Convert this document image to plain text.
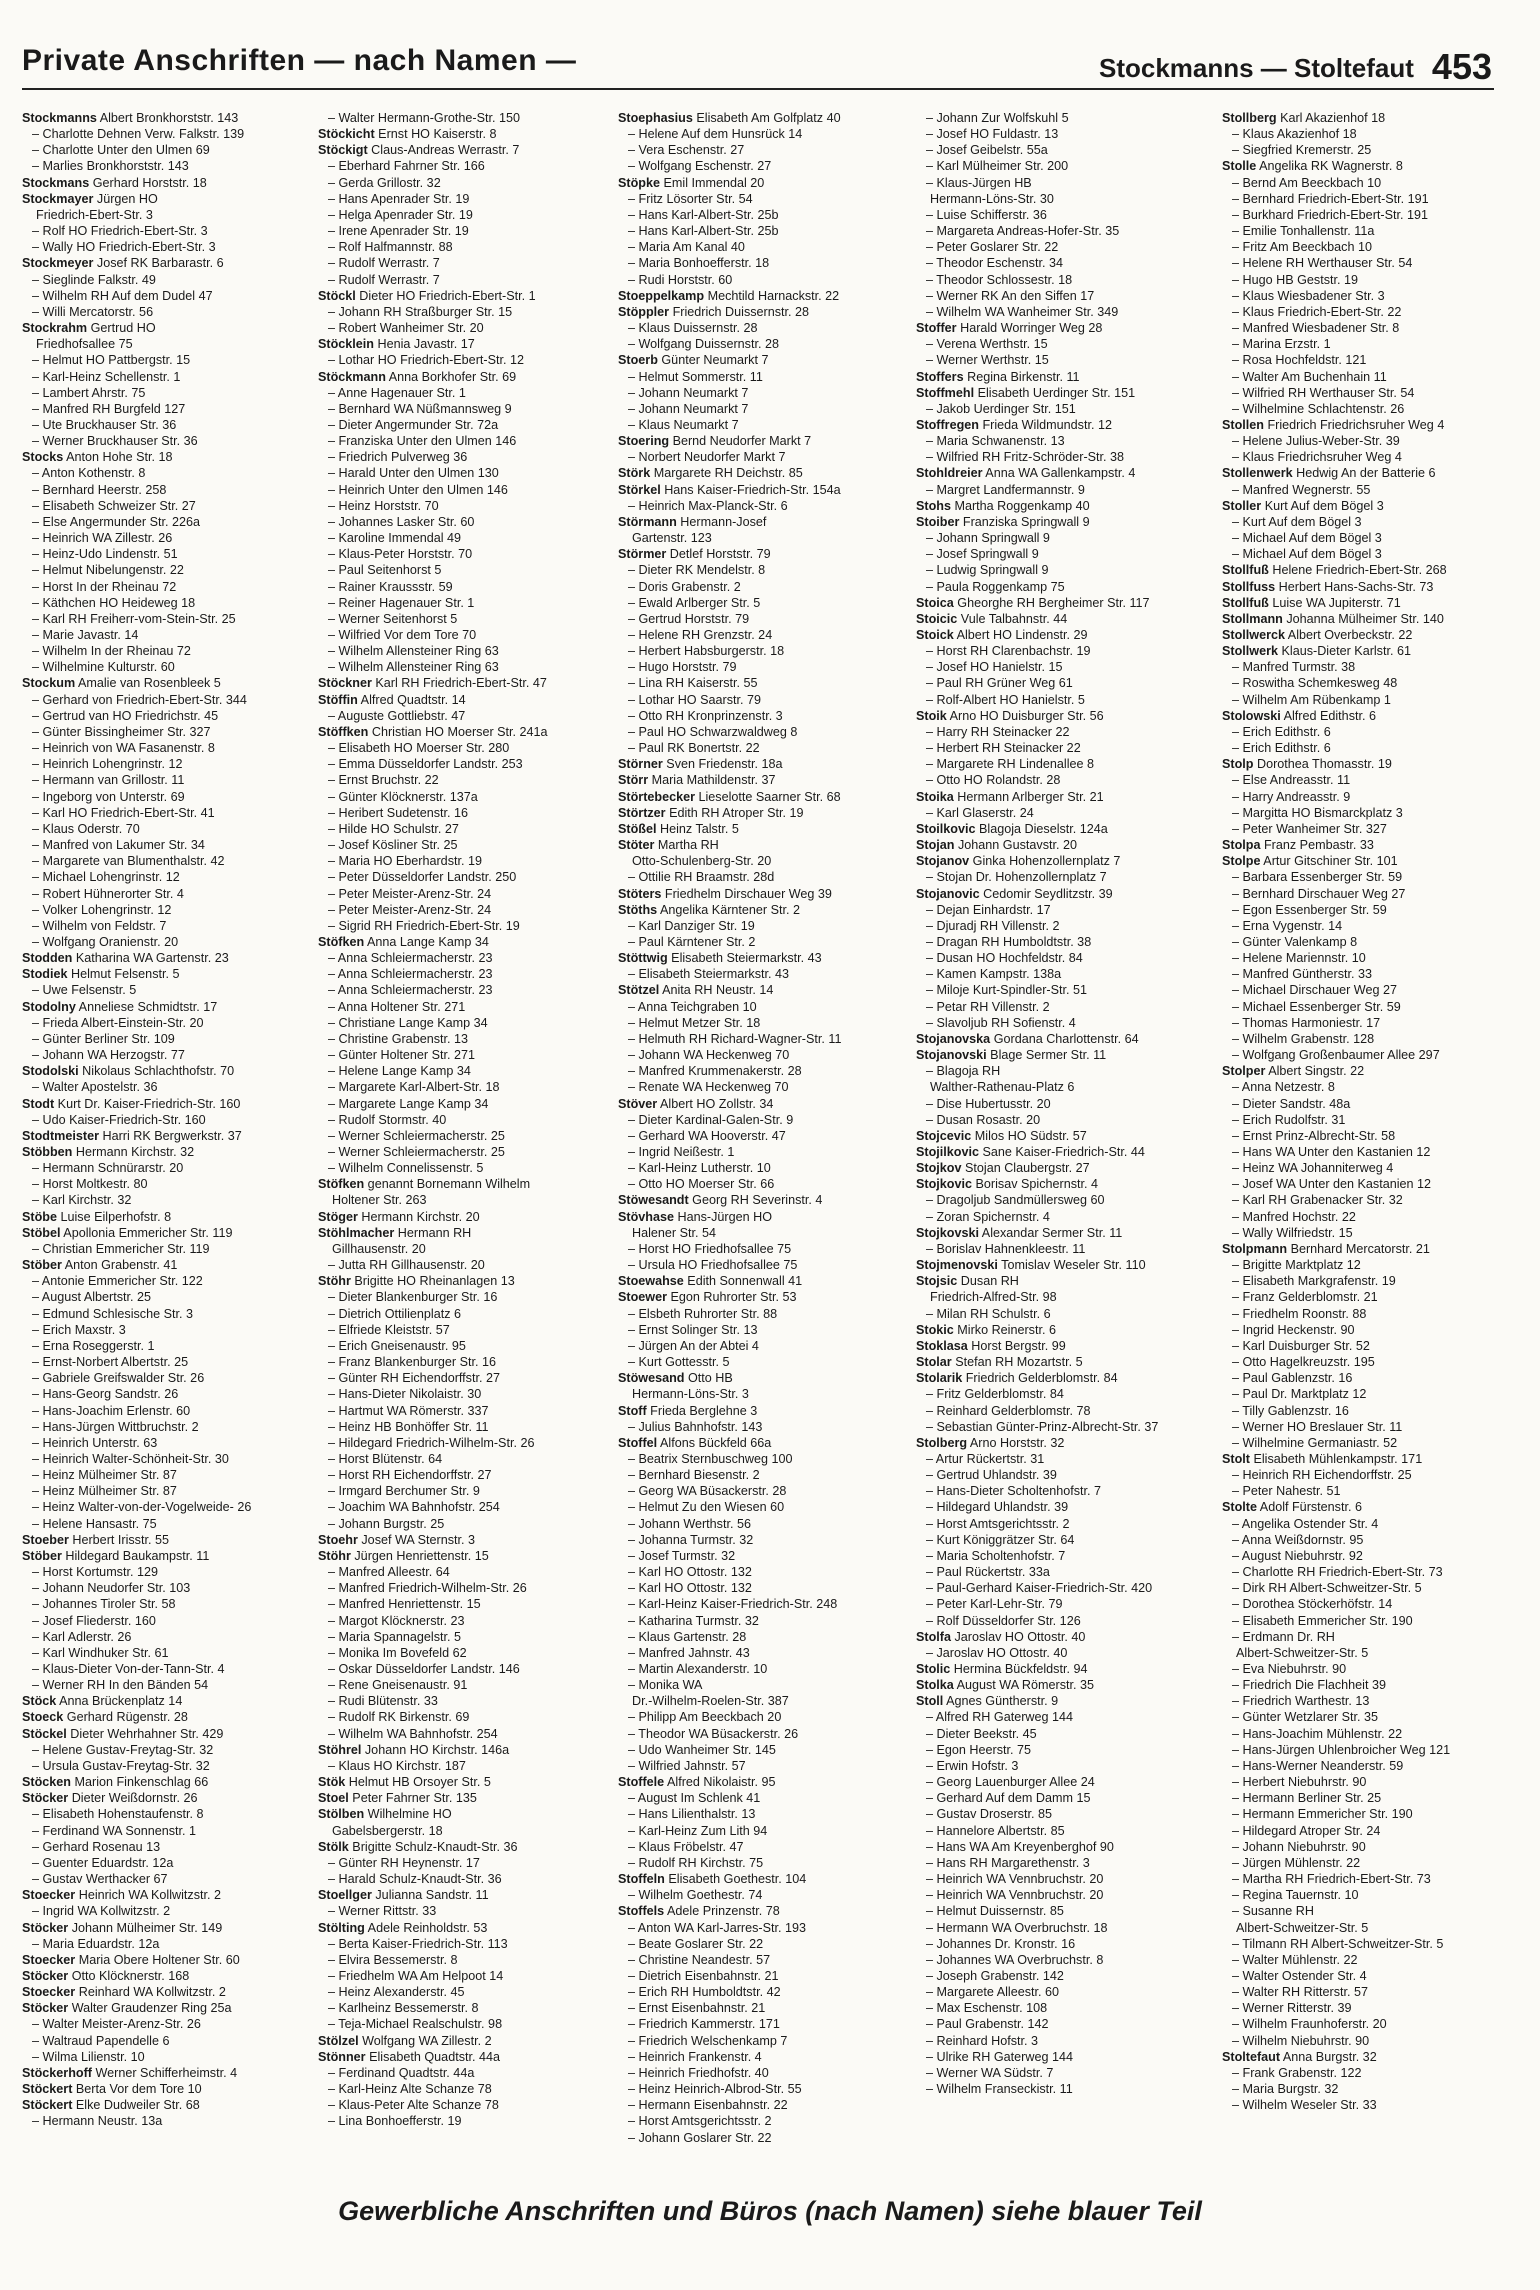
Private Anschriften — nach Namen —	Stockmanns — Stoltefaut 453
Stockmanns Albert Bronkhorststr. 143
– Charlotte Dehnen Verw. Falkstr. 139
– Charlotte Unter den Ulmen 69
– Marlies Bronkhorststr. 143
Stockmans Gerhard Horststr. 18
Stockmayer Jürgen HO
Friedrich-Ebert-Str. 3
– Rolf HO Friedrich-Ebert-Str. 3
– Wally HO Friedrich-Ebert-Str. 3
Stockmeyer Josef RK Barbarastr. 6
– Sieglinde Falkstr. 49
– Wilhelm RH Auf dem Dudel 47
– Willi Mercatorstr. 56
Stockrahm Gertrud HO
Friedhofsallee 75
– Helmut HO Pattbergstr. 15
– Karl-Heinz Schellenstr. 1
– Lambert Ahrstr. 75
– Manfred RH Burgfeld 127
– Ute Bruckhauser Str. 36
– Werner Bruckhauser Str. 36
Stocks Anton Hohe Str. 18
– Anton Kothenstr. 8
– Bernhard Heerstr. 258
– Elisabeth Schweizer Str. 27
– Else Angermunder Str. 226a
– Heinrich WA Zillestr. 26
– Heinz-Udo Lindenstr. 51
– Helmut Nibelungenstr. 22
– Horst In der Rheinau 72
– Käthchen HO Heideweg 18
– Karl RH Freiherr-vom-Stein-Str. 25
– Marie Javastr. 14
– Wilhelm In der Rheinau 72
– Wilhelmine Kulturstr. 60
Stockum Amalie van Rosenbleek 5
– Gerhard von Friedrich-Ebert-Str. 344
– Gertrud van HO Friedrichstr. 45
– Günter Bissingheimer Str. 327
– Heinrich von WA Fasanenstr. 8
– Heinrich Lohengrinstr. 12
– Hermann van Grillostr. 11
– Ingeborg von Unterstr. 69
– Karl HO Friedrich-Ebert-Str. 41
– Klaus Oderstr. 70
– Manfred von Lakumer Str. 34
– Margarete van Blumenthalstr. 42
– Michael Lohengrinstr. 12
– Robert Hühnerorter Str. 4
– Volker Lohengrinstr. 12
– Wilhelm von Feldstr. 7
– Wolfgang Oranienstr. 20
Stodden Katharina WA Gartenstr. 23
Stodiek Helmut Felsenstr. 5
– Uwe Felsenstr. 5
Stodolny Anneliese Schmidtstr. 17
– Frieda Albert-Einstein-Str. 20
– Günter Berliner Str. 109
– Johann WA Herzogstr. 77
Stodolski Nikolaus Schlachthofstr. 70
– Walter Apostelstr. 36
Stodt Kurt Dr. Kaiser-Friedrich-Str. 160
– Udo Kaiser-Friedrich-Str. 160
Stodtmeister Harri RK Bergwerkstr. 37
Stöbben Hermann Kirchstr. 32
– Hermann Schnürarstr. 20
– Horst Moltkestr. 80
– Karl Kirchstr. 32
Stöbe Luise Eilperhofstr. 8
Stöbel Apollonia Emmericher Str. 119
– Christian Emmericher Str. 119
Stöber Anton Grabenstr. 41
– Antonie Emmericher Str. 122
– August Albertstr. 25
– Edmund Schlesische Str. 3
– Erich Maxstr. 3
– Erna Roseggerstr. 1
– Ernst-Norbert Albertstr. 25
– Gabriele Greifswalder Str. 26
– Hans-Georg Sandstr. 26
– Hans-Joachim Erlenstr. 60
– Hans-Jürgen Wittbruchstr. 2
– Heinrich Unterstr. 63
– Heinrich Walter-Schönheit-Str. 30
– Heinz Mülheimer Str. 87
– Heinz Mülheimer Str. 87
– Heinz Walter-von-der-Vogelweide- 26
– Helene Hansastr. 75
Stoeber Herbert Irisstr. 55
Stöber Hildegard Baukampstr. 11
– Horst Kortumstr. 129
– Johann Neudorfer Str. 103
– Johannes Tiroler Str. 58
– Josef Fliederstr. 160
– Karl Adlerstr. 26
– Karl Windhuker Str. 61
– Klaus-Dieter Von-der-Tann-Str. 4
– Werner RH In den Bänden 54
Stöck Anna Brückenplatz 14
Stoeck Gerhard Rügenstr. 28
Stöckel Dieter Wehrhahner Str. 429
– Helene Gustav-Freytag-Str. 32
– Ursula Gustav-Freytag-Str. 32
Stöcken Marion Finkenschlag 66
Stöcker Dieter Weißdornstr. 26
– Elisabeth Hohenstaufenstr. 8
– Ferdinand WA Sonnenstr. 1
– Gerhard Rosenau 13
– Guenter Eduardstr. 12a
– Gustav Werthacker 67
Stoecker Heinrich WA Kollwitzstr. 2
– Ingrid WA Kollwitzstr. 2
Stöcker Johann Mülheimer Str. 149
– Maria Eduardstr. 12a
Stoecker Maria Obere Holtener Str. 60
Stöcker Otto Klöcknerstr. 168
Stoecker Reinhard WA Kollwitzstr. 2
Stöcker Walter Graudenzer Ring 25a
– Walter Meister-Arenz-Str. 26
– Waltraud Papendelle 6
– Wilma Lilienstr. 10
Stöckerhoff Werner Schifferheimstr. 4
Stöckert Berta Vor dem Tore 10
Stöckert Elke Dudweiler Str. 68
– Hermann Neustr. 13a
– Walter Hermann-Grothe-Str. 150
Stöckicht Ernst HO Kaiserstr. 8
Stöckigt Claus-Andreas Werrastr. 7
– Eberhard Fahrner Str. 166
– Gerda Grillostr. 32
– Hans Apenrader Str. 19
– Helga Apenrader Str. 19
– Irene Apenrader Str. 19
– Rolf Halfmannstr. 88
– Rudolf Werrastr. 7
– Rudolf Werrastr. 7
Stöckl Dieter HO Friedrich-Ebert-Str. 1
– Johann RH Straßburger Str. 15
– Robert Wanheimer Str. 20
Stöcklein Henia Javastr. 17
– Lothar HO Friedrich-Ebert-Str. 12
Stöckmann Anna Borkhofer Str. 69
– Anne Hagenauer Str. 1
– Bernhard WA Nüßmannsweg 9
– Dieter Angermunder Str. 72a
– Franziska Unter den Ulmen 146
– Friedrich Pulverweg 36
– Harald Unter den Ulmen 130
– Heinrich Unter den Ulmen 146
– Heinz Horststr. 70
– Johannes Lasker Str. 60
– Karoline Immendal 49
– Klaus-Peter Horststr. 70
– Paul Seitenhorst 5
– Rainer Kraussstr. 59
– Reiner Hagenauer Str. 1
– Werner Seitenhorst 5
– Wilfried Vor dem Tore 70
– Wilhelm Allensteiner Ring 63
– Wilhelm Allensteiner Ring 63
Stöckner Karl RH Friedrich-Ebert-Str. 47
Stöffin Alfred Quadtstr. 14
– Auguste Gottliebstr. 47
Stöffken Christian HO Moerser Str. 241a
– Elisabeth HO Moerser Str. 280
– Emma Düsseldorfer Landstr. 253
– Ernst Bruchstr. 22
– Günter Klöcknerstr. 137a
– Heribert Sudetenstr. 16
– Hilde HO Schulstr. 27
– Josef Kösliner Str. 25
– Maria HO Eberhardstr. 19
– Peter Düsseldorfer Landstr. 250
– Peter Meister-Arenz-Str. 24
– Peter Meister-Arenz-Str. 24
– Sigrid RH Friedrich-Ebert-Str. 19
Stöfken Anna Lange Kamp 34
– Anna Schleiermacherstr. 23
– Anna Schleiermacherstr. 23
– Anna Schleiermacherstr. 23
– Anna Holtener Str. 271
– Christiane Lange Kamp 34
– Christine Grabenstr. 13
– Günter Holtener Str. 271
– Helene Lange Kamp 34
– Margarete Karl-Albert-Str. 18
– Margarete Lange Kamp 34
– Rudolf Stormstr. 40
– Werner Schleiermacherstr. 25
– Werner Schleiermacherstr. 25
– Wilhelm Connelissenstr. 5
Stöfken genannt Bornemann Wilhelm
Holtener Str. 263
Stöger Hermann Kirchstr. 20
Stöhlmacher Hermann RH
Gillhausenstr. 20
– Jutta RH Gillhausenstr. 20
Stöhr Brigitte HO Rheinanlagen 13
– Dieter Blankenburger Str. 16
– Dietrich Ottilienplatz 6
– Elfriede Kleiststr. 57
– Erich Gneisenaustr. 95
– Franz Blankenburger Str. 16
– Günter RH Eichendorffstr. 27
– Hans-Dieter Nikolaistr. 30
– Hartmut WA Römerstr. 337
– Heinz HB Bonhöffer Str. 11
– Hildegard Friedrich-Wilhelm-Str. 26
– Horst Blütenstr. 64
– Horst RH Eichendorffstr. 27
– Irmgard Berchumer Str. 9
– Joachim WA Bahnhofstr. 254
– Johann Burgstr. 25
Stoehr Josef WA Sternstr. 3
Stöhr Jürgen Henriettenstr. 15
– Manfred Alleestr. 64
– Manfred Friedrich-Wilhelm-Str. 26
– Manfred Henriettenstr. 15
– Margot Klöcknerstr. 23
– Maria Spannagelstr. 5
– Monika Im Bovefeld 62
– Oskar Düsseldorfer Landstr. 146
– Rene Gneisenaustr. 91
– Rudi Blütenstr. 33
– Rudolf RK Birkenstr. 69
– Wilhelm WA Bahnhofstr. 254
Stöhrel Johann HO Kirchstr. 146a
– Klaus HO Kirchstr. 187
Stök Helmut HB Orsoyer Str. 5
Stoel Peter Fahrner Str. 135
Stölben Wilhelmine HO
Gabelsbergerstr. 18
Stölk Brigitte Schulz-Knaudt-Str. 36
– Günter RH Heynenstr. 17
– Harald Schulz-Knaudt-Str. 36
Stoellger Julianna Sandstr. 11
– Werner Rittstr. 33
Stölting Adele Reinholdstr. 53
– Berta Kaiser-Friedrich-Str. 113
– Elvira Bessemerstr. 8
– Friedhelm WA Am Helpoot 14
– Heinz Alexanderstr. 45
– Karlheinz Bessemerstr. 8
– Teja-Michael Realschulstr. 98
Stölzel Wolfgang WA Zillestr. 2
Stönner Elisabeth Quadtstr. 44a
– Ferdinand Quadtstr. 44a
– Karl-Heinz Alte Schanze 78
– Klaus-Peter Alte Schanze 78
– Lina Bonhoefferstr. 19
Stoephasius Elisabeth Am Golfplatz 40
– Helene Auf dem Hunsrück 14
– Vera Eschenstr. 27
– Wolfgang Eschenstr. 27
Stöpke Emil Immendal 20
– Fritz Lösorter Str. 54
– Hans Karl-Albert-Str. 25b
– Hans Karl-Albert-Str. 25b
– Maria Am Kanal 40
– Maria Bonhoefferstr. 18
– Rudi Horststr. 60
Stoeppelkamp Mechtild Harnackstr. 22
Stöppler Friedrich Duissernstr. 28
– Klaus Duissernstr. 28
– Wolfgang Duissernstr. 28
Stoerb Günter Neumarkt 7
– Helmut Sommerstr. 11
– Johann Neumarkt 7
– Johann Neumarkt 7
– Klaus Neumarkt 7
Stoering Bernd Neudorfer Markt 7
– Norbert Neudorfer Markt 7
Störk Margarete RH Deichstr. 85
Störkel Hans Kaiser-Friedrich-Str. 154a
– Heinrich Max-Planck-Str. 6
Störmann Hermann-Josef
Gartenstr. 123
Störmer Detlef Horststr. 79
– Dieter RK Mendelstr. 8
– Doris Grabenstr. 2
– Ewald Arlberger Str. 5
– Gertrud Horststr. 79
– Helene RH Grenzstr. 24
– Herbert Habsburgerstr. 18
– Hugo Horststr. 79
– Lina RH Kaiserstr. 55
– Lothar HO Saarstr. 79
– Otto RH Kronprinzenstr. 3
– Paul HO Schwarzwaldweg 8
– Paul RK Bonertstr. 22
Störner Sven Friedenstr. 18a
Störr Maria Mathildenstr. 37
Störtebecker Lieselotte Saarner Str. 68
Störtzer Edith RH Atroper Str. 19
Stößel Heinz Talstr. 5
Stöter Martha RH
Otto-Schulenberg-Str. 20
– Ottilie RH Braamstr. 28d
Stöters Friedhelm Dirschauer Weg 39
Stöths Angelika Kärntener Str. 2
– Karl Danziger Str. 19
– Paul Kärntener Str. 2
Stöttwig Elisabeth Steiermarkstr. 43
– Elisabeth Steiermarkstr. 43
Stötzel Anita RH Neustr. 14
– Anna Teichgraben 10
– Helmut Metzer Str. 18
– Helmuth RH Richard-Wagner-Str. 11
– Johann WA Heckenweg 70
– Manfred Krummenakerstr. 28
– Renate WA Heckenweg 70
Stöver Albert HO Zollstr. 34
– Dieter Kardinal-Galen-Str. 9
– Gerhard WA Hooverstr. 47
– Ingrid Neißestr. 1
– Karl-Heinz Lutherstr. 10
– Otto HO Moerser Str. 66
Stöwesandt Georg RH Severinstr. 4
Stövhase Hans-Jürgen HO
Halener Str. 54
– Horst HO Friedhofsallee 75
– Ursula HO Friedhofsallee 75
Stoewahse Edith Sonnenwall 41
Stoewer Egon Ruhrorter Str. 53
– Elsbeth Ruhrorter Str. 88
– Ernst Solinger Str. 13
– Jürgen An der Abtei 4
– Kurt Gottesstr. 5
Stöwesand Otto HB
Hermann-Löns-Str. 3
Stoff Frieda Berglehne 3
– Julius Bahnhofstr. 143
Stoffel Alfons Bückfeld 66a
– Beatrix Sternbuschweg 100
– Bernhard Biesenstr. 2
– Georg WA Büsackerstr. 28
– Helmut Zu den Wiesen 60
– Johann Werthstr. 56
– Johanna Turmstr. 32
– Josef Turmstr. 32
– Karl HO Ottostr. 132
– Karl HO Ottostr. 132
– Karl-Heinz Kaiser-Friedrich-Str. 248
– Katharina Turmstr. 32
– Klaus Gartenstr. 28
– Manfred Jahnstr. 43
– Martin Alexanderstr. 10
– Monika WA
Dr.-Wilhelm-Roelen-Str. 387
– Philipp Am Beeckbach 20
– Theodor WA Büsackerstr. 26
– Udo Wanheimer Str. 145
– Wilfried Jahnstr. 57
Stoffele Alfred Nikolaistr. 95
– August Im Schlenk 41
– Hans Lilienthalstr. 13
– Karl-Heinz Zum Lith 94
– Klaus Fröbelstr. 47
– Rudolf RH Kirchstr. 75
Stoffeln Elisabeth Goethestr. 104
– Wilhelm Goethestr. 74
Stoffels Adele Prinzenstr. 78
– Anton WA Karl-Jarres-Str. 193
– Beate Goslarer Str. 22
– Christine Neandestr. 57
– Dietrich Eisenbahnstr. 21
– Erich RH Humboldtstr. 42
– Ernst Eisenbahnstr. 21
– Friedrich Kammerstr. 171
– Friedrich Welschenkamp 7
– Heinrich Frankenstr. 4
– Heinrich Friedhofstr. 40
– Heinz Heinrich-Albrod-Str. 55
– Hermann Eisenbahnstr. 22
– Horst Amtsgerichtsstr. 2
– Johann Goslarer Str. 22
– Johann Zur Wolfskuhl 5
– Josef HO Fuldastr. 13
– Josef Geibelstr. 55a
– Karl Mülheimer Str. 200
– Klaus-Jürgen HB
Hermann-Löns-Str. 30
– Luise Schifferstr. 36
– Margareta Andreas-Hofer-Str. 35
– Peter Goslarer Str. 22
– Theodor Eschenstr. 34
– Theodor Schlossestr. 18
– Werner RK An den Siffen 17
– Wilhelm WA Wanheimer Str. 349
Stoffer Harald Worringer Weg 28
– Verena Werthstr. 15
– Werner Werthstr. 15
Stoffers Regina Birkenstr. 11
Stoffmehl Elisabeth Uerdinger Str. 151
– Jakob Uerdinger Str. 151
Stoffregen Frieda Wildmundstr. 12
– Maria Schwanenstr. 13
– Wilfried RH Fritz-Schröder-Str. 38
Stohldreier Anna WA Gallenkampstr. 4
– Margret Landfermannstr. 9
Stohs Martha Roggenkamp 40
Stoiber Franziska Springwall 9
– Johann Springwall 9
– Josef Springwall 9
– Ludwig Springwall 9
– Paula Roggenkamp 75
Stoica Gheorghe RH Bergheimer Str. 117
Stoicic Vule Talbahnstr. 44
Stoick Albert HO Lindenstr. 29
– Horst RH Clarenbachstr. 19
– Josef HO Hanielstr. 15
– Paul RH Grüner Weg 61
– Rolf-Albert HO Hanielstr. 5
Stoik Arno HO Duisburger Str. 56
– Harry RH Steinacker 22
– Herbert RH Steinacker 22
– Margarete RH Lindenallee 8
– Otto HO Rolandstr. 28
Stoika Hermann Arlberger Str. 21
– Karl Glaserstr. 24
Stoilkovic Blagoja Dieselstr. 124a
Stojan Johann Gustavstr. 20
Stojanov Ginka Hohenzollernplatz 7
– Stojan Dr. Hohenzollernplatz 7
Stojanovic Cedomir Seydlitzstr. 39
– Dejan Einhardstr. 17
– Djuradj RH Villenstr. 2
– Dragan RH Humboldtstr. 38
– Dusan HO Hochfeldstr. 84
– Kamen Kampstr. 138a
– Miloje Kurt-Spindler-Str. 51
– Petar RH Villenstr. 2
– Slavoljub RH Sofienstr. 4
Stojanovska Gordana Charlottenstr. 64
Stojanovski Blage Sermer Str. 11
– Blagoja RH
Walther-Rathenau-Platz 6
– Dise Hubertusstr. 20
– Dusan Rosastr. 20
Stojcevic Milos HO Südstr. 57
Stojilkovic Sane Kaiser-Friedrich-Str. 44
Stojkov Stojan Claubergstr. 27
Stojkovic Borisav Spichernstr. 4
– Dragoljub Sandmüllersweg 60
– Zoran Spichernstr. 4
Stojkovski Alexandar Sermer Str. 11
– Borislav Hahnenkleestr. 11
Stojmenovski Tomislav Weseler Str. 110
Stojsic Dusan RH
Friedrich-Alfred-Str. 98
– Milan RH Schulstr. 6
Stokic Mirko Reinerstr. 6
Stoklasa Horst Bergstr. 99
Stolar Stefan RH Mozartstr. 5
Stolarik Friedrich Gelderblomstr. 84
– Fritz Gelderblomstr. 84
– Reinhard Gelderblomstr. 78
– Sebastian Günter-Prinz-Albrecht-Str. 37
Stolberg Arno Horststr. 32
– Artur Rückertstr. 31
– Gertrud Uhlandstr. 39
– Hans-Dieter Scholtenhofstr. 7
– Hildegard Uhlandstr. 39
– Horst Amtsgerichtsstr. 2
– Kurt Königgrätzer Str. 64
– Maria Scholtenhofstr. 7
– Paul Rückertstr. 33a
– Paul-Gerhard Kaiser-Friedrich-Str. 420
– Peter Karl-Lehr-Str. 79
– Rolf Düsseldorfer Str. 126
Stolfa Jaroslav HO Ottostr. 40
– Jaroslav HO Ottostr. 40
Stolic Hermina Bückfeldstr. 94
Stolka August WA Römerstr. 35
Stoll Agnes Güntherstr. 9
– Alfred RH Gaterweg 144
– Dieter Beekstr. 45
– Egon Heerstr. 75
– Erwin Hofstr. 3
– Georg Lauenburger Allee 24
– Gerhard Auf dem Damm 15
– Gustav Droserstr. 85
– Hannelore Albertstr. 85
– Hans WA Am Kreyenberghof 90
– Hans RH Margarethenstr. 3
– Heinrich WA Vennbruchstr. 20
– Heinrich WA Vennbruchstr. 20
– Helmut Duissernstr. 85
– Hermann WA Overbruchstr. 18
– Johannes Dr. Kronstr. 16
– Johannes WA Overbruchstr. 8
– Joseph Grabenstr. 142
– Margarete Alleestr. 60
– Max Eschenstr. 108
– Paul Grabenstr. 142
– Reinhard Hofstr. 3
– Ulrike RH Gaterweg 144
– Werner WA Südstr. 7
– Wilhelm Franseckistr. 11
Stollberg Karl Akazienhof 18
– Klaus Akazienhof 18
– Siegfried Kremerstr. 25
Stolle Angelika RK Wagnerstr. 8
– Bernd Am Beeckbach 10
– Bernhard Friedrich-Ebert-Str. 191
– Burkhard Friedrich-Ebert-Str. 191
– Emilie Tonhallenstr. 11a
– Fritz Am Beeckbach 10
– Helene RH Werthauser Str. 54
– Hugo HB Geststr. 19
– Klaus Wiesbadener Str. 3
– Klaus Friedrich-Ebert-Str. 22
– Manfred Wiesbadener Str. 8
– Marina Erzstr. 1
– Rosa Hochfeldstr. 121
– Walter Am Buchenhain 11
– Wilfried RH Werthauser Str. 54
– Wilhelmine Schlachtenstr. 26
Stollen Friedrich Friedrichsruher Weg 4
– Helene Julius-Weber-Str. 39
– Klaus Friedrichsruher Weg 4
Stollenwerk Hedwig An der Batterie 6
– Manfred Wegnerstr. 55
Stoller Kurt Auf dem Bögel 3
– Kurt Auf dem Bögel 3
– Michael Auf dem Bögel 3
– Michael Auf dem Bögel 3
Stollfuß Helene Friedrich-Ebert-Str. 268
Stollfuss Herbert Hans-Sachs-Str. 73
Stollfuß Luise WA Jupiterstr. 71
Stollmann Johanna Mülheimer Str. 140
Stollwerck Albert Overbeckstr. 22
Stollwerk Klaus-Dieter Karlstr. 61
– Manfred Turmstr. 38
– Roswitha Schemkesweg 48
– Wilhelm Am Rübenkamp 1
Stolowski Alfred Edithstr. 6
– Erich Edithstr. 6
– Erich Edithstr. 6
Stolp Dorothea Thomasstr. 19
– Else Andreasstr. 11
– Harry Andreasstr. 9
– Margitta HO Bismarckplatz 3
– Peter Wanheimer Str. 327
Stolpa Franz Pembastr. 33
Stolpe Artur Gitschiner Str. 101
– Barbara Essenberger Str. 59
– Bernhard Dirschauer Weg 27
– Egon Essenberger Str. 59
– Erna Vygenstr. 14
– Günter Valenkamp 8
– Helene Mariennstr. 10
– Manfred Güntherstr. 33
– Michael Dirschauer Weg 27
– Michael Essenberger Str. 59
– Thomas Harmoniestr. 17
– Wilhelm Grabenstr. 128
– Wolfgang Großenbaumer Allee 297
Stolper Albert Singstr. 22
– Anna Netzestr. 8
– Dieter Sandstr. 48a
– Erich Rudolfstr. 31
– Ernst Prinz-Albrecht-Str. 58
– Hans WA Unter den Kastanien 12
– Heinz WA Johanniterweg 4
– Josef WA Unter den Kastanien 12
– Karl RH Grabenacker Str. 32
– Manfred Hochstr. 22
– Wally Wilfriedstr. 15
Stolpmann Bernhard Mercatorstr. 21
– Brigitte Marktplatz 12
– Elisabeth Markgrafenstr. 19
– Franz Gelderblomstr. 21
– Friedhelm Roonstr. 88
– Ingrid Heckenstr. 90
– Karl Duisburger Str. 52
– Otto Hagelkreuzstr. 195
– Paul Gablenzstr. 16
– Paul Dr. Marktplatz 12
– Tilly Gablenzstr. 16
– Werner HO Breslauer Str. 11
– Wilhelmine Germaniastr. 52
Stolt Elisabeth Mühlenkampstr. 171
– Heinrich RH Eichendorffstr. 25
– Peter Nahestr. 51
Stolte Adolf Fürstenstr. 6
– Angelika Ostender Str. 4
– Anna Weißdornstr. 95
– August Niebuhrstr. 92
– Charlotte RH Friedrich-Ebert-Str. 73
– Dirk RH Albert-Schweitzer-Str. 5
– Dorothea Stöckerhöfstr. 14
– Elisabeth Emmericher Str. 190
– Erdmann Dr. RH
Albert-Schweitzer-Str. 5
– Eva Niebuhrstr. 90
– Friedrich Die Flachheit 39
– Friedrich Warthestr. 13
– Günter Wetzlarer Str. 35
– Hans-Joachim Mühlenstr. 22
– Hans-Jürgen Uhlenbroicher Weg 121
– Hans-Werner Neanderstr. 59
– Herbert Niebuhrstr. 90
– Hermann Berliner Str. 25
– Hermann Emmericher Str. 190
– Hildegard Atroper Str. 24
– Johann Niebuhrstr. 90
– Jürgen Mühlenstr. 22
– Martha RH Friedrich-Ebert-Str. 73
– Regina Tauernstr. 10
– Susanne RH
Albert-Schweitzer-Str. 5
– Tilmann RH Albert-Schweitzer-Str. 5
– Walter Mühlenstr. 22
– Walter Ostender Str. 4
– Walter RH Ritterstr. 57
– Werner Ritterstr. 39
– Wilhelm Fraunhoferstr. 20
– Wilhelm Niebuhrstr. 90
Stoltefaut Anna Burgstr. 32
– Frank Grabenstr. 122
– Maria Burgstr. 32
– Wilhelm Weseler Str. 33
Gewerbliche Anschriften und Büros (nach Namen) siehe blauer Teil
